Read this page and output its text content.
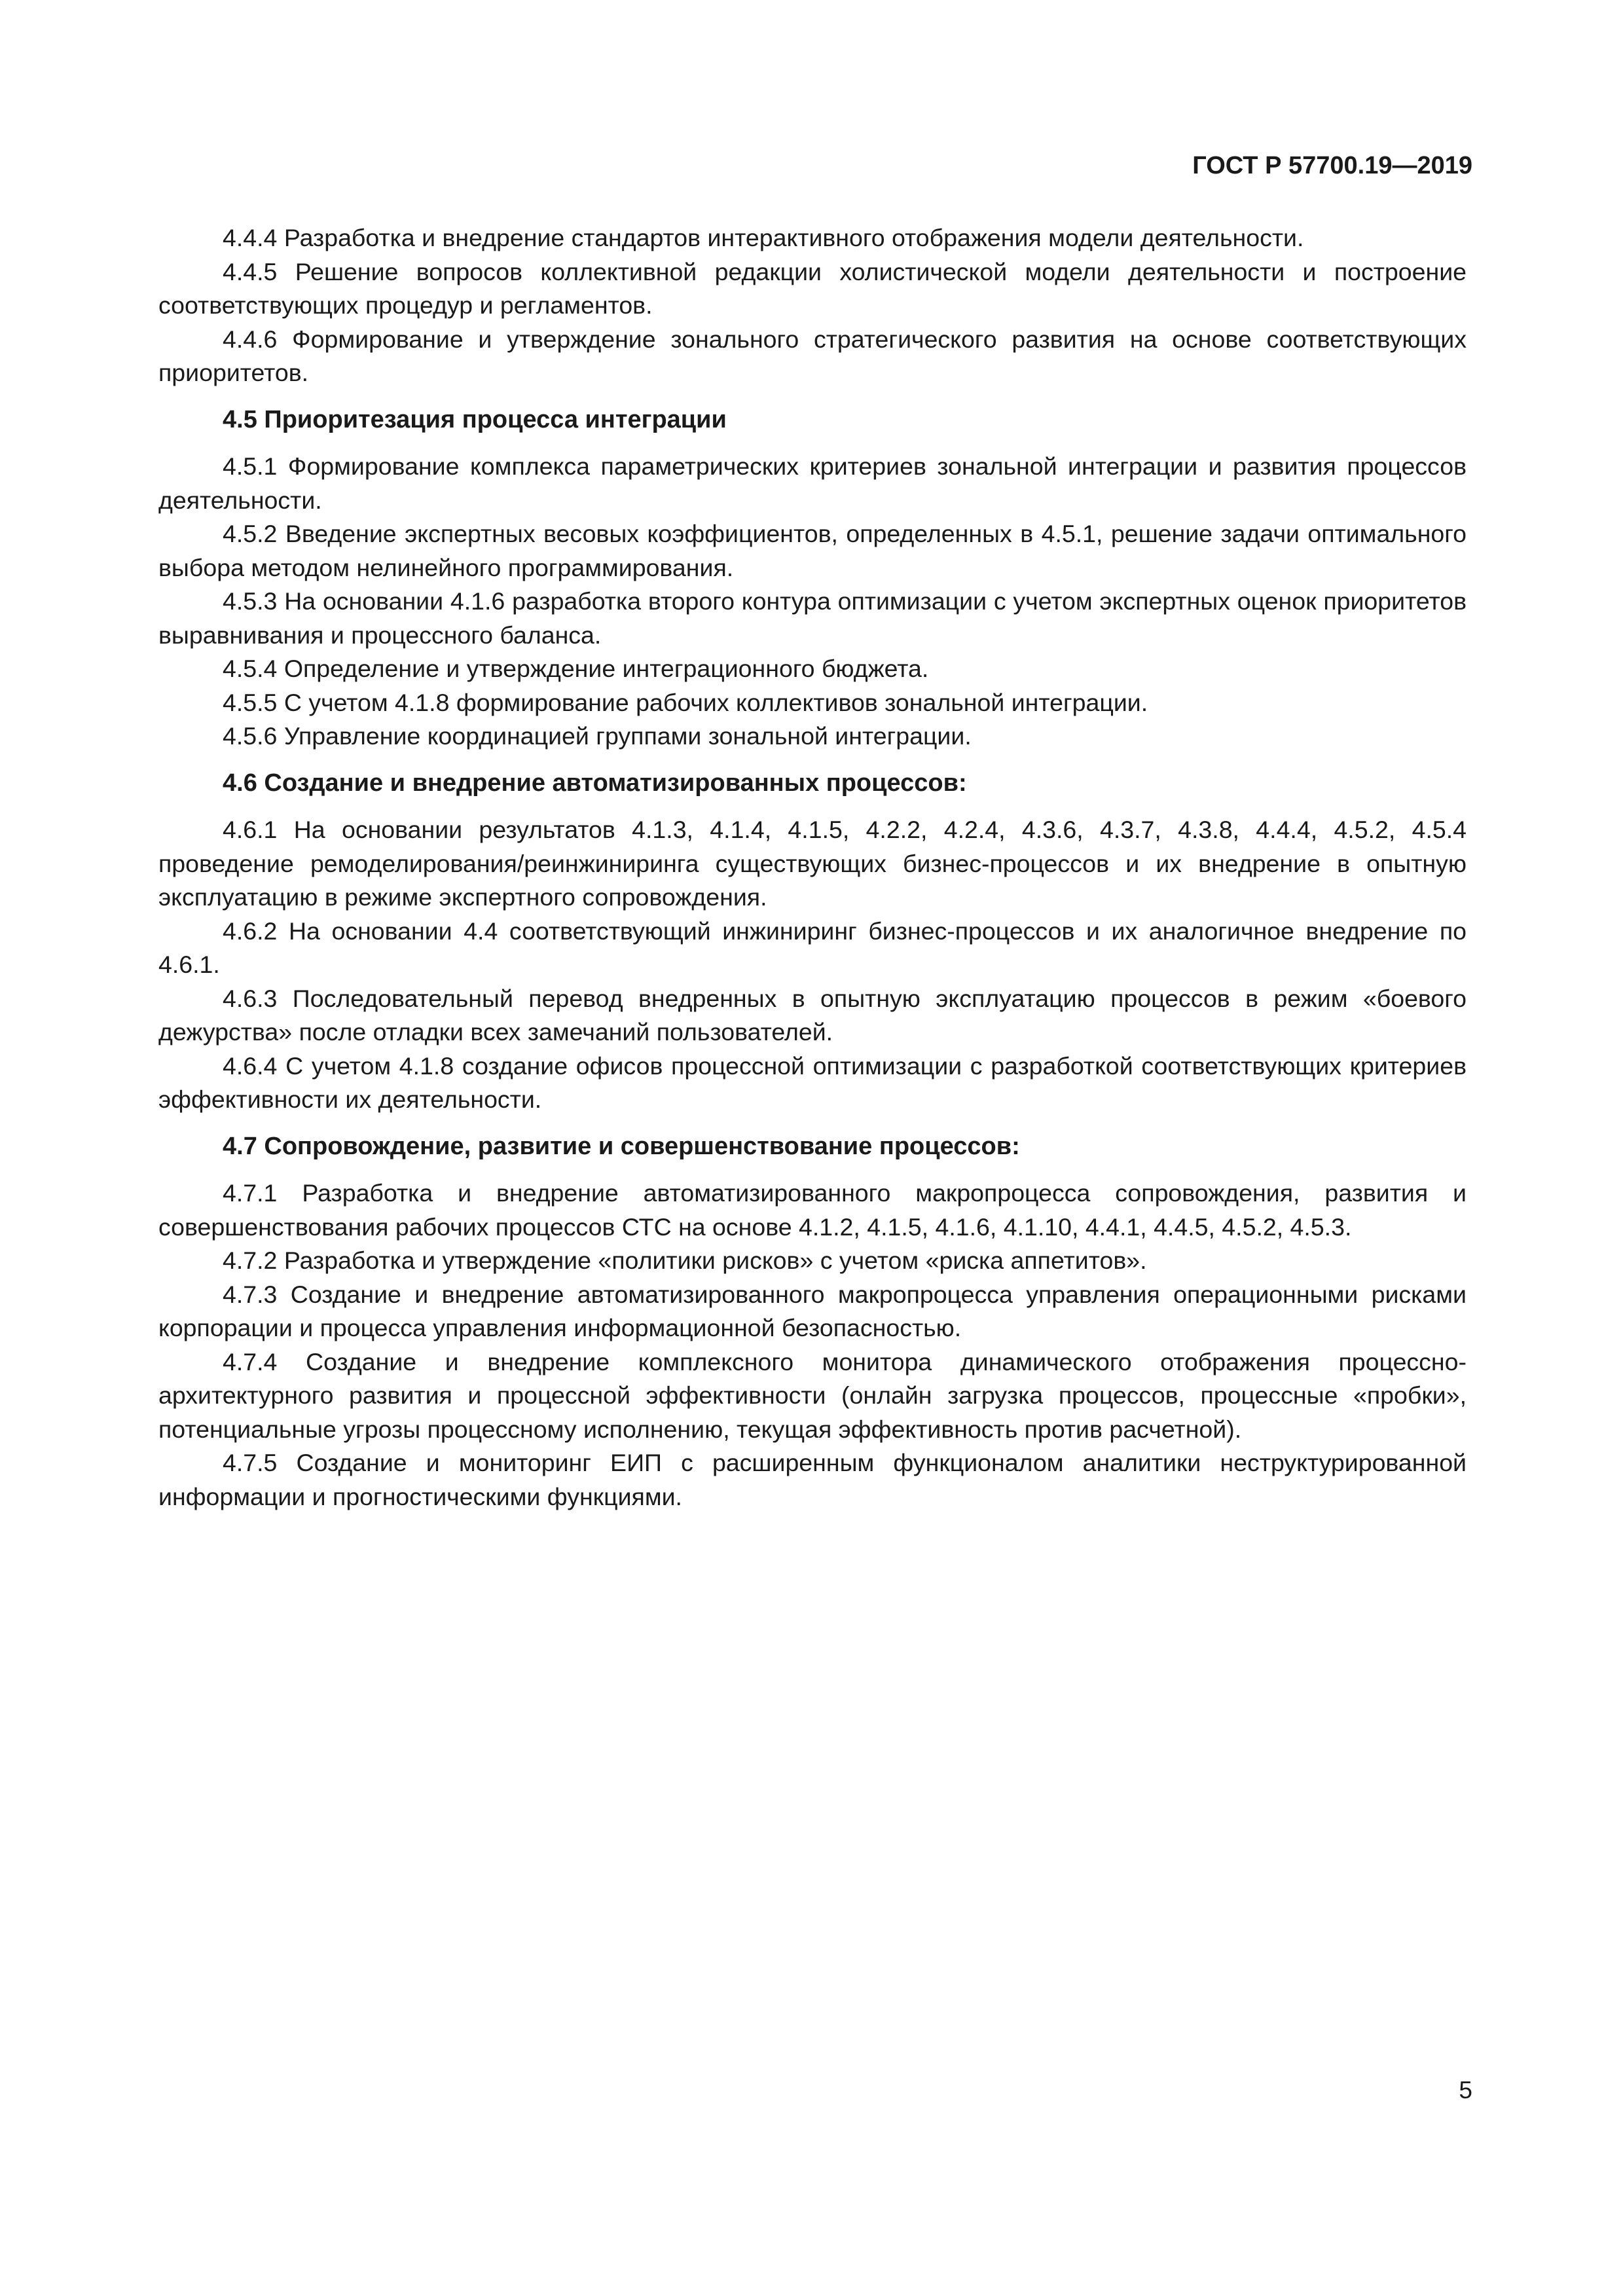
ГОСТ Р 57700.19—2019

4.4.4 Разработка и внедрение стандартов интерактивного отображения модели деятельности.

4.4.5 Решение вопросов коллективной редакции холистической модели деятельности и построение соответствующих процедур и регламентов.

4.4.6 Формирование и утверждение зонального стратегического развития на основе соответствующих приоритетов.

4.5 Приоритезация процесса интеграции

4.5.1 Формирование комплекса параметрических критериев зональной интеграции и развития процессов деятельности.

4.5.2 Введение экспертных весовых коэффициентов, определенных в 4.5.1, решение задачи оптимального выбора методом нелинейного программирования.

4.5.3 На основании 4.1.6 разработка второго контура оптимизации с учетом экспертных оценок приоритетов выравнивания и процессного баланса.

4.5.4 Определение и утверждение интеграционного бюджета.

4.5.5 С учетом 4.1.8 формирование рабочих коллективов зональной интеграции.

4.5.6 Управление координацией группами зональной интеграции.

4.6 Создание и внедрение автоматизированных процессов:

4.6.1 На основании результатов 4.1.3, 4.1.4, 4.1.5, 4.2.2, 4.2.4, 4.3.6, 4.3.7, 4.3.8, 4.4.4, 4.5.2, 4.5.4 проведение ремоделирования/реинжиниринга существующих бизнес-процессов и их внедрение в опытную эксплуатацию в режиме экспертного сопровождения.

4.6.2 На основании 4.4 соответствующий инжиниринг бизнес-процессов и их аналогичное внедрение по 4.6.1.

4.6.3 Последовательный перевод внедренных в опытную эксплуатацию процессов в режим «боевого дежурства» после отладки всех замечаний пользователей.

4.6.4 С учетом 4.1.8 создание офисов процессной оптимизации с разработкой соответствующих критериев эффективности их деятельности.

4.7 Сопровождение, развитие и совершенствование процессов:

4.7.1 Разработка и внедрение автоматизированного макропроцесса сопровождения, развития и совершенствования рабочих процессов СТС на основе 4.1.2, 4.1.5, 4.1.6, 4.1.10, 4.4.1, 4.4.5, 4.5.2, 4.5.3.

4.7.2 Разработка и утверждение «политики рисков» с учетом «риска аппетитов».

4.7.3 Создание и внедрение автоматизированного макропроцесса управления операционными рисками корпорации и процесса управления информационной безопасностью.

4.7.4 Создание и внедрение комплексного монитора динамического отображения процессно-архитектурного развития и процессной эффективности (онлайн загрузка процессов, процессные «пробки», потенциальные угрозы процессному исполнению, текущая эффективность против расчетной).

4.7.5 Создание и мониторинг ЕИП с расширенным функционалом аналитики неструктурированной информации и прогностическими функциями.

5
